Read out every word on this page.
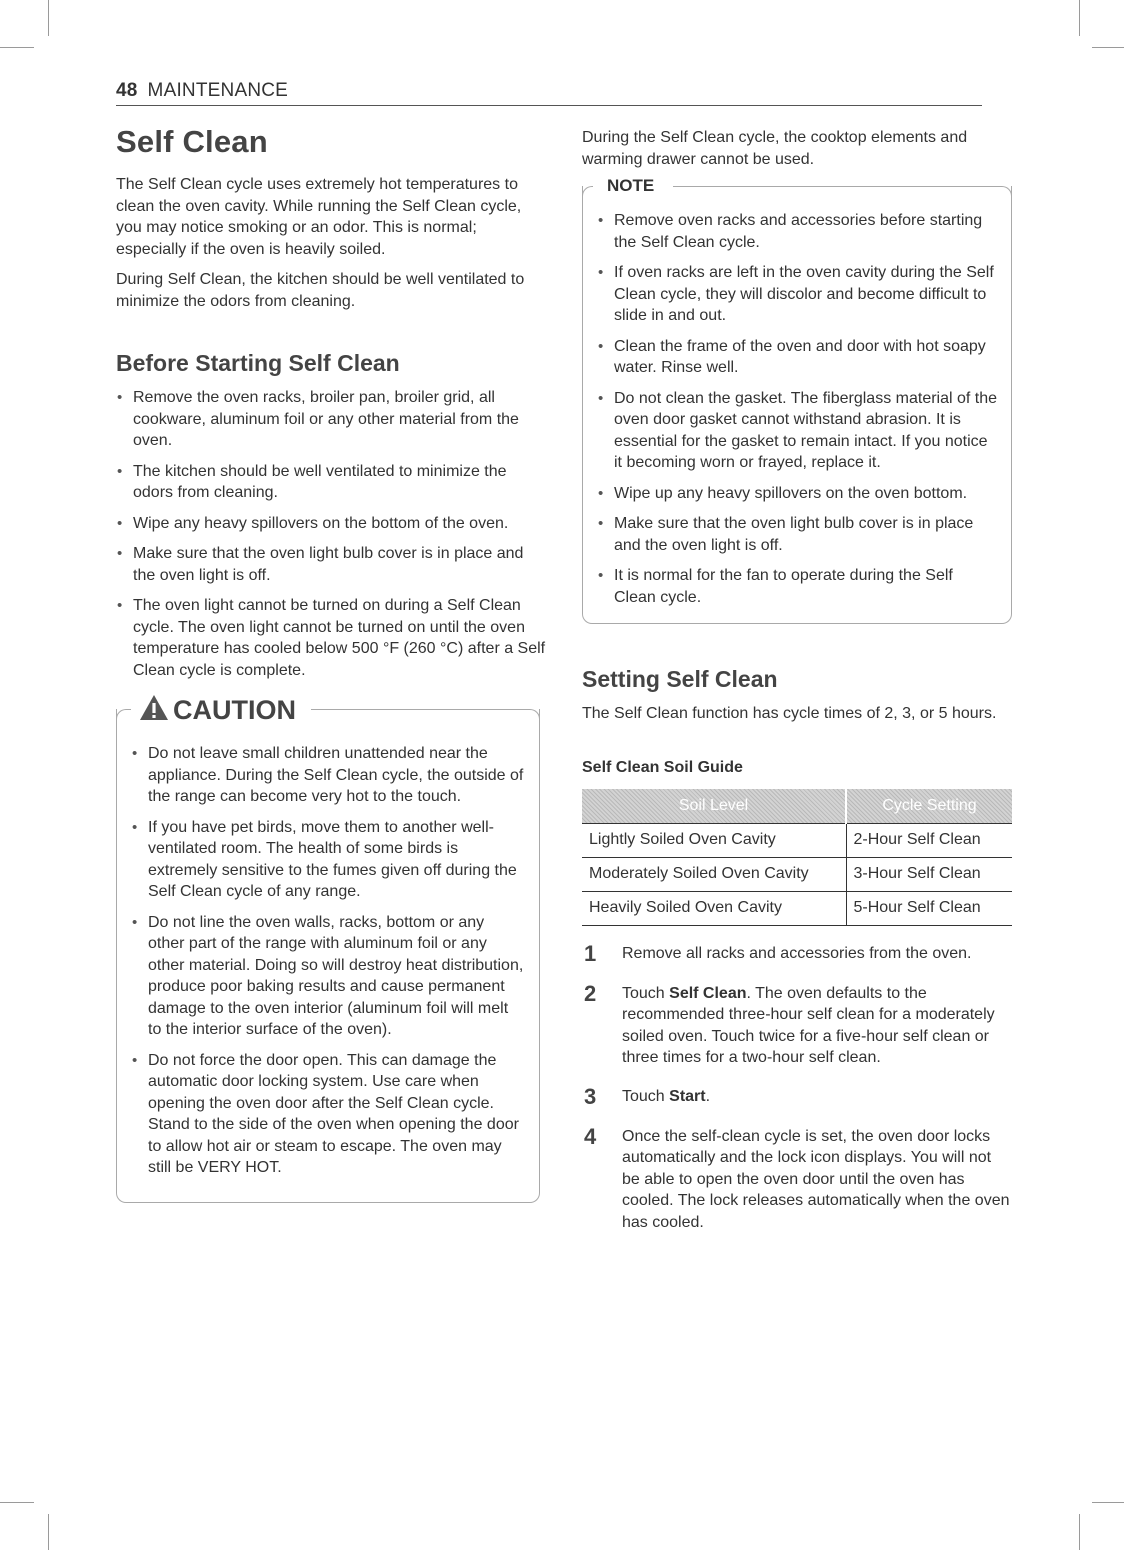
48 MAINTENANCE
Self Clean

The Self Clean cycle uses extremely hot temperatures to clean the oven cavity. While running the Self Clean cycle, you may notice smoking or an odor. This is normal; especially if the oven is heavily soiled.

During Self Clean, the kitchen should be well ventilated to minimize the odors from cleaning.

Before Starting Self Clean
• Remove the oven racks, broiler pan, broiler grid, all cookware, aluminum foil or any other material from the oven.
• The kitchen should be well ventilated to minimize the odors from cleaning.
• Wipe any heavy spillovers on the bottom of the oven.
• Make sure that the oven light bulb cover is in place and the oven light is off.
• The oven light cannot be turned on during a Self Clean cycle. The oven light cannot be turned on until the oven temperature has cooled below 500 °F (260 °C) after a Self Clean cycle is complete.
CAUTION
• Do not leave small children unattended near the appliance. During the Self Clean cycle, the outside of the range can become very hot to the touch.
• If you have pet birds, move them to another well-ventilated room. The health of some birds is extremely sensitive to the fumes given off during the Self Clean cycle of any range.
• Do not line the oven walls, racks, bottom or any other part of the range with aluminum foil or any other material. Doing so will destroy heat distribution, produce poor baking results and cause permanent damage to the oven interior (aluminum foil will melt to the interior surface of the oven).
• Do not force the door open. This can damage the automatic door locking system. Use care when opening the oven door after the Self Clean cycle. Stand to the side of the oven when opening the door to allow hot air or steam to escape. The oven may still be VERY HOT.

During the Self Clean cycle, the cooktop elements and warming drawer cannot be used.

NOTE
• Remove oven racks and accessories before starting the Self Clean cycle.
• If oven racks are left in the oven cavity during the Self Clean cycle, they will discolor and become difficult to slide in and out.
• Clean the frame of the oven and door with hot soapy water. Rinse well.
• Do not clean the gasket. The fiberglass material of the oven door gasket cannot withstand abrasion. It is essential for the gasket to remain intact. If you notice it becoming worn or frayed, replace it.
• Wipe up any heavy spillovers on the oven bottom.
• Make sure that the oven light bulb cover is in place and the oven light is off.
• It is normal for the fan to operate during the Self Clean cycle.
Setting Self Clean

The Self Clean function has cycle times of 2, 3, or 5 hours.

Self Clean Soil Guide
Soil Level	Cycle Setting
Lightly Soiled Oven Cavity	2-Hour Self Clean
Moderately Soiled Oven Cavity	3-Hour Self Clean
Heavily Soiled Oven Cavity	5-Hour Self Clean
1	Remove all racks and accessories from the oven.
2	Touch Self Clean. The oven defaults to the recommended three-hour self clean for a moderately soiled oven. Touch twice for a five-hour self clean or three times for a two-hour self clean.
3	Touch Start.
4	Once the self-clean cycle is set, the oven door locks automatically and the lock icon displays. You will not be able to open the oven door until the oven has cooled. The lock releases automatically when the oven has cooled.
